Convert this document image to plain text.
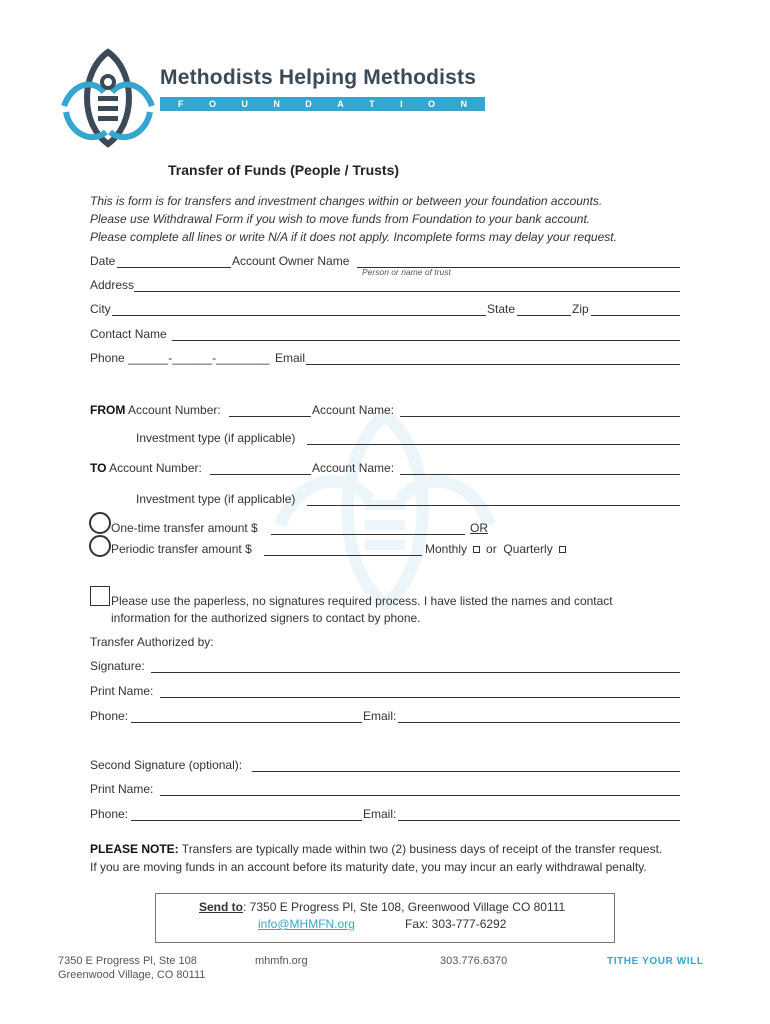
Methodists Helping Methodists
F	O	U	N	D	A	T	I	O	N
Transfer of Funds (People / Trusts)
This is form is for transfers and investment changes within or between your foundation accounts.
Please use Withdrawal Form if you wish to move funds from Foundation to your bank account.
Please complete all lines or write N/A if it does not apply. Incomplete forms may delay your request.
Date	Account Owner Name
Person or name of trust
Address
City	State	Zip
Contact Name
Phone ______-______-________ Email
FROM Account Number:	Account Name:
Investment type (if applicable)
TO Account Number:	Account Name:
Investment type (if applicable)
One-time transfer amount $	OR
Periodic transfer amount $	Monthly or Quarterly
Please use the paperless, no signatures required process. I have listed the names and contact
information for the authorized signers to contact by phone.
Transfer Authorized by:
Signature:
Print Name:
Phone:	Email:
Second Signature (optional):
Print Name:
Phone:	Email:
PLEASE NOTE: Transfers are typically made within two (2) business days of receipt of the transfer request.
If you are moving funds in an account before its maturity date, you may incur an early withdrawal penalty.
Send to: 7350 E Progress Pl, Ste 108, Greenwood Village CO 80111
info@MHMFN.org	Fax: 303-777-6292
7350 E Progress Pl, Ste 108
Greenwood Village, CO 80111
mhmfn.org	303.776.6370	TITHE YOUR WILL
